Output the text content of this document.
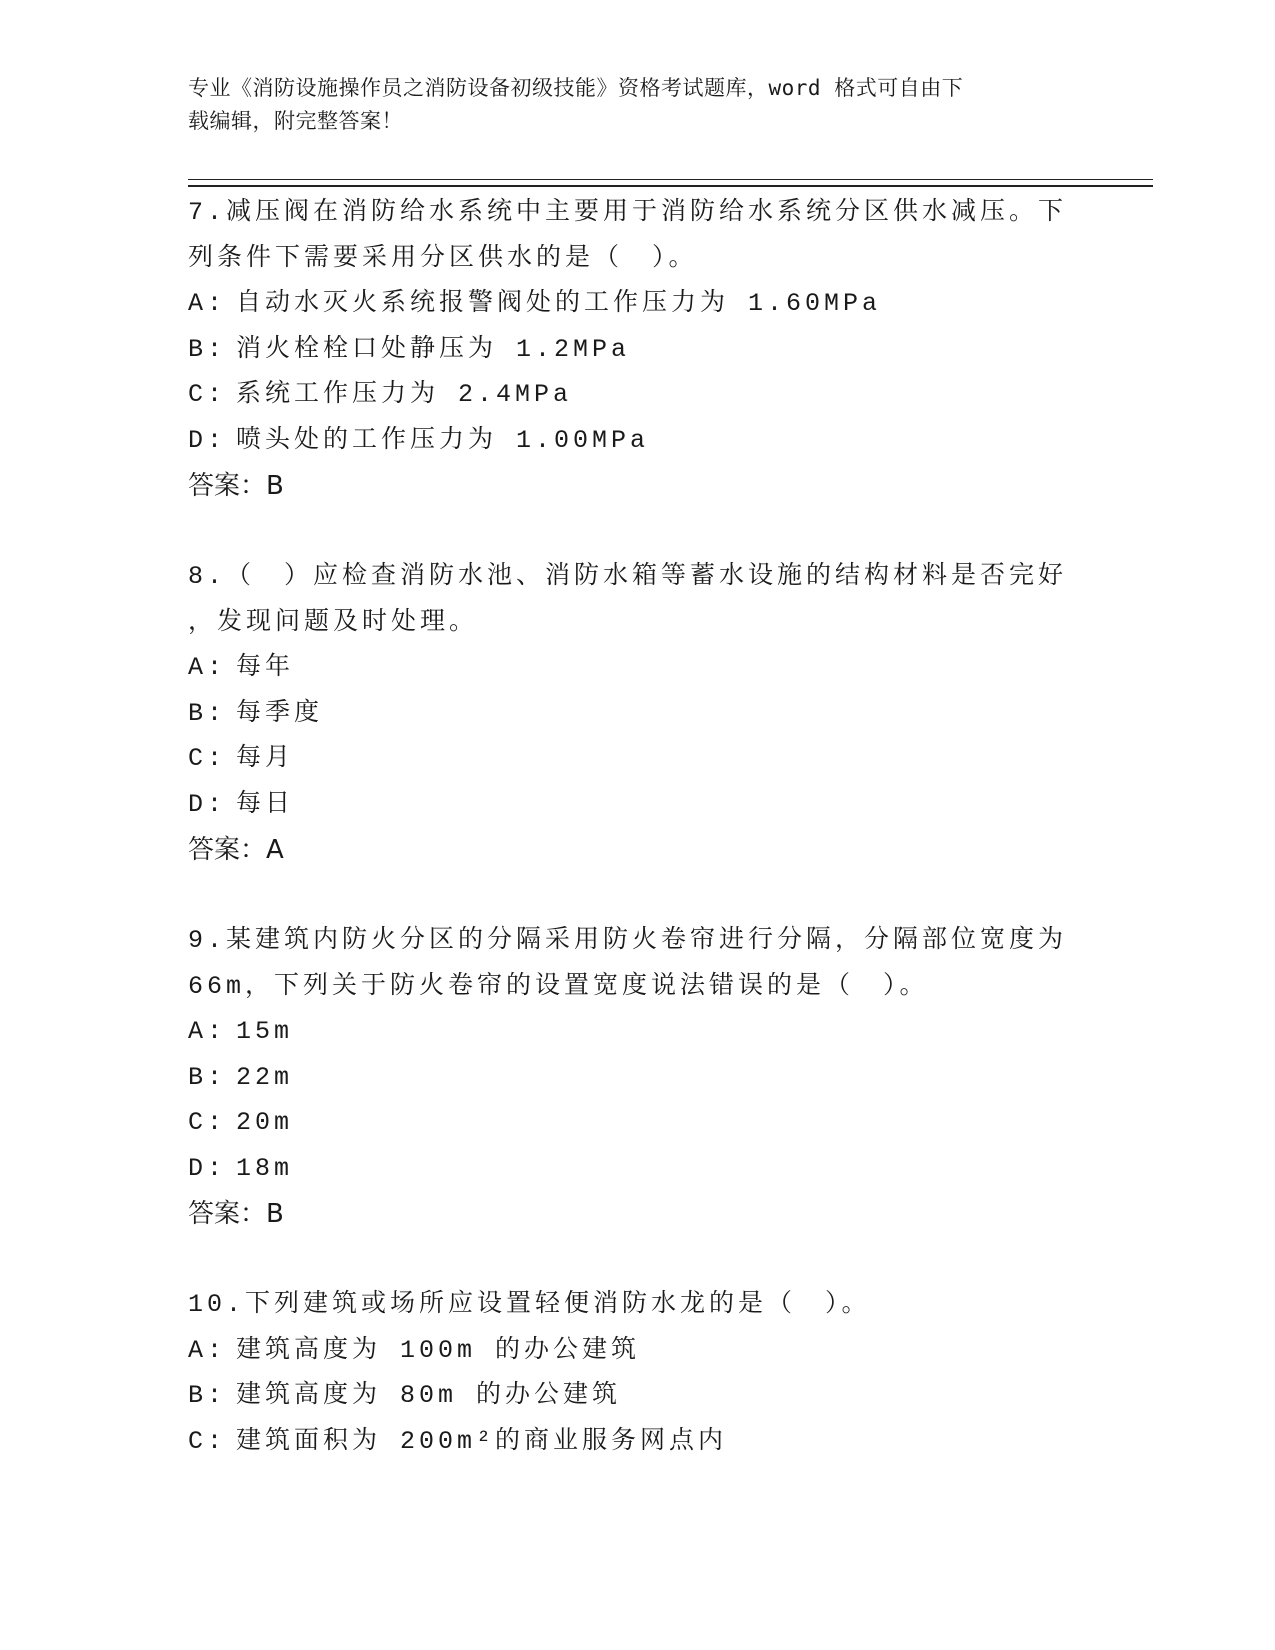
专业《消防设施操作员之消防设备初级技能》资格考试题库，word 格式可自由下
载编辑，附完整答案！
7.减压阀在消防给水系统中主要用于消防给水系统分区供水减压。下
列条件下需要采用分区供水的是（　）。
A: 自动水灭火系统报警阀处的工作压力为 1.60MPa
B: 消火栓栓口处静压为 1.2MPa
C: 系统工作压力为 2.4MPa
D: 喷头处的工作压力为 1.00MPa
答案：B
8.（　）应检查消防水池、消防水箱等蓄水设施的结构材料是否完好
，发现问题及时处理。
A: 每年
B: 每季度
C: 每月
D: 每日
答案：A
9.某建筑内防火分区的分隔采用防火卷帘进行分隔，分隔部位宽度为
66m，下列关于防火卷帘的设置宽度说法错误的是（　）。
A: 15m
B: 22m
C: 20m
D: 18m
答案：B
10.下列建筑或场所应设置轻便消防水龙的是（　）。
A: 建筑高度为 100m 的办公建筑
B: 建筑高度为 80m 的办公建筑
C: 建筑面积为 200m²的商业服务网点内
